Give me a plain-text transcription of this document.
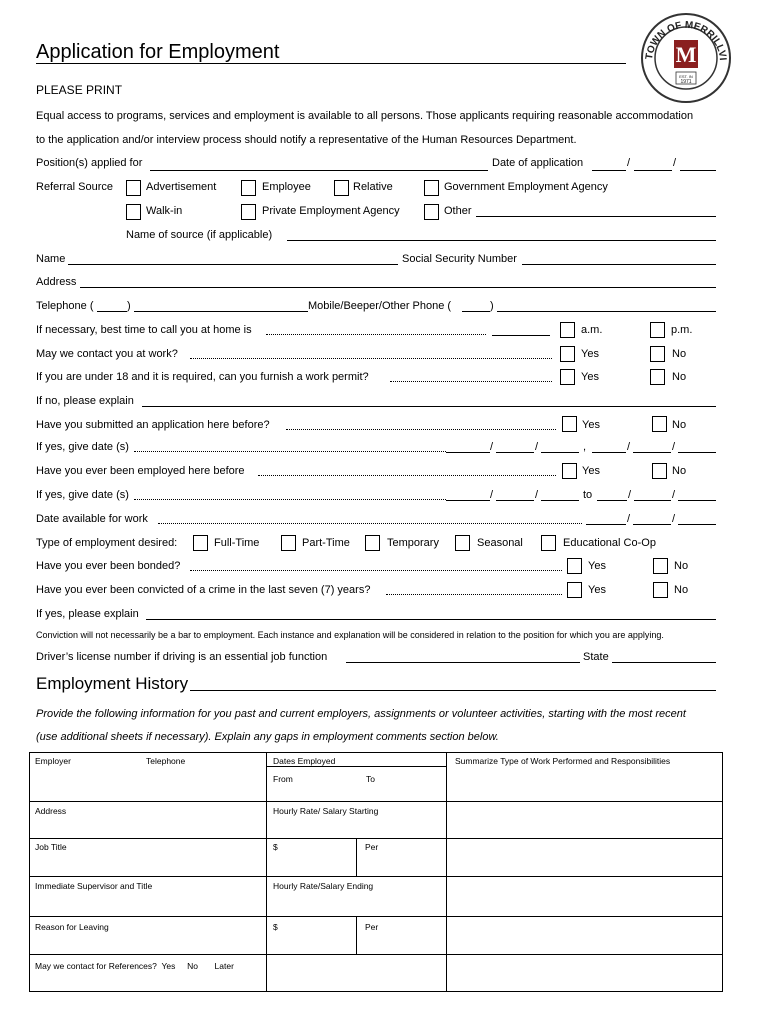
Application for Employment	TOWN OF MERRILLVI
M
EST. IN
1971
PLEASE PRINT
Equal access to programs, services and employment is available to all persons. Those applicants requiring reasonable accommodation
to the application and/or interview process should notify a representative of the Human Resources Department.
Position(s) applied for	Date of application	/	/
Referral Source	Advertisement	Employee	Relative	Government Employment Agency
Walk-in	Private Employment Agency	Other
Name of source (if applicable)
Name	Social Security Number
Address
Telephone (	)	Mobile/Beeper/Other Phone (	)
If necessary, best time to call you at home is	a.m.	p.m.
May we contact you at work?	Yes	No
If you are under 18 and it is required, can you furnish a work permit?	Yes	No
If no, please explain
Have you submitted an application here before?	Yes	No
If yes, give date (s)	/	/	,	/	/
Have you ever been employed here before	Yes	No
If yes, give date (s)	/	/	to	/	/
Date available for work	/	/
Type of employment desired:	Full-Time	Part-Time	Temporary	Seasonal	Educational Co-Op
Have you ever been bonded?	Yes	No
Have you ever been convicted of a crime in the last seven (7) years?	Yes	No
If yes, please explain
Conviction will not necessarily be a bar to employment. Each instance and explanation will be considered in relation to the position for which you are applying.
Driver’s license number if driving is an essential job function	State
Employment History
Provide the following information for you past and current employers, assignments or volunteer activities, starting with the most recent
(use additional sheets if necessary). Explain any gaps in employment comments section below.
Employer	Telephone	Dates Employed
From	To
Summarize Type of Work Performed and Responsibilities
Address	Hourly Rate/ Salary Starting
Job Title	$	Per
Immediate Supervisor and Title	Hourly Rate/Salary Ending
Reason for Leaving	$	Per
May we contact for References?  Yes     No       Later
